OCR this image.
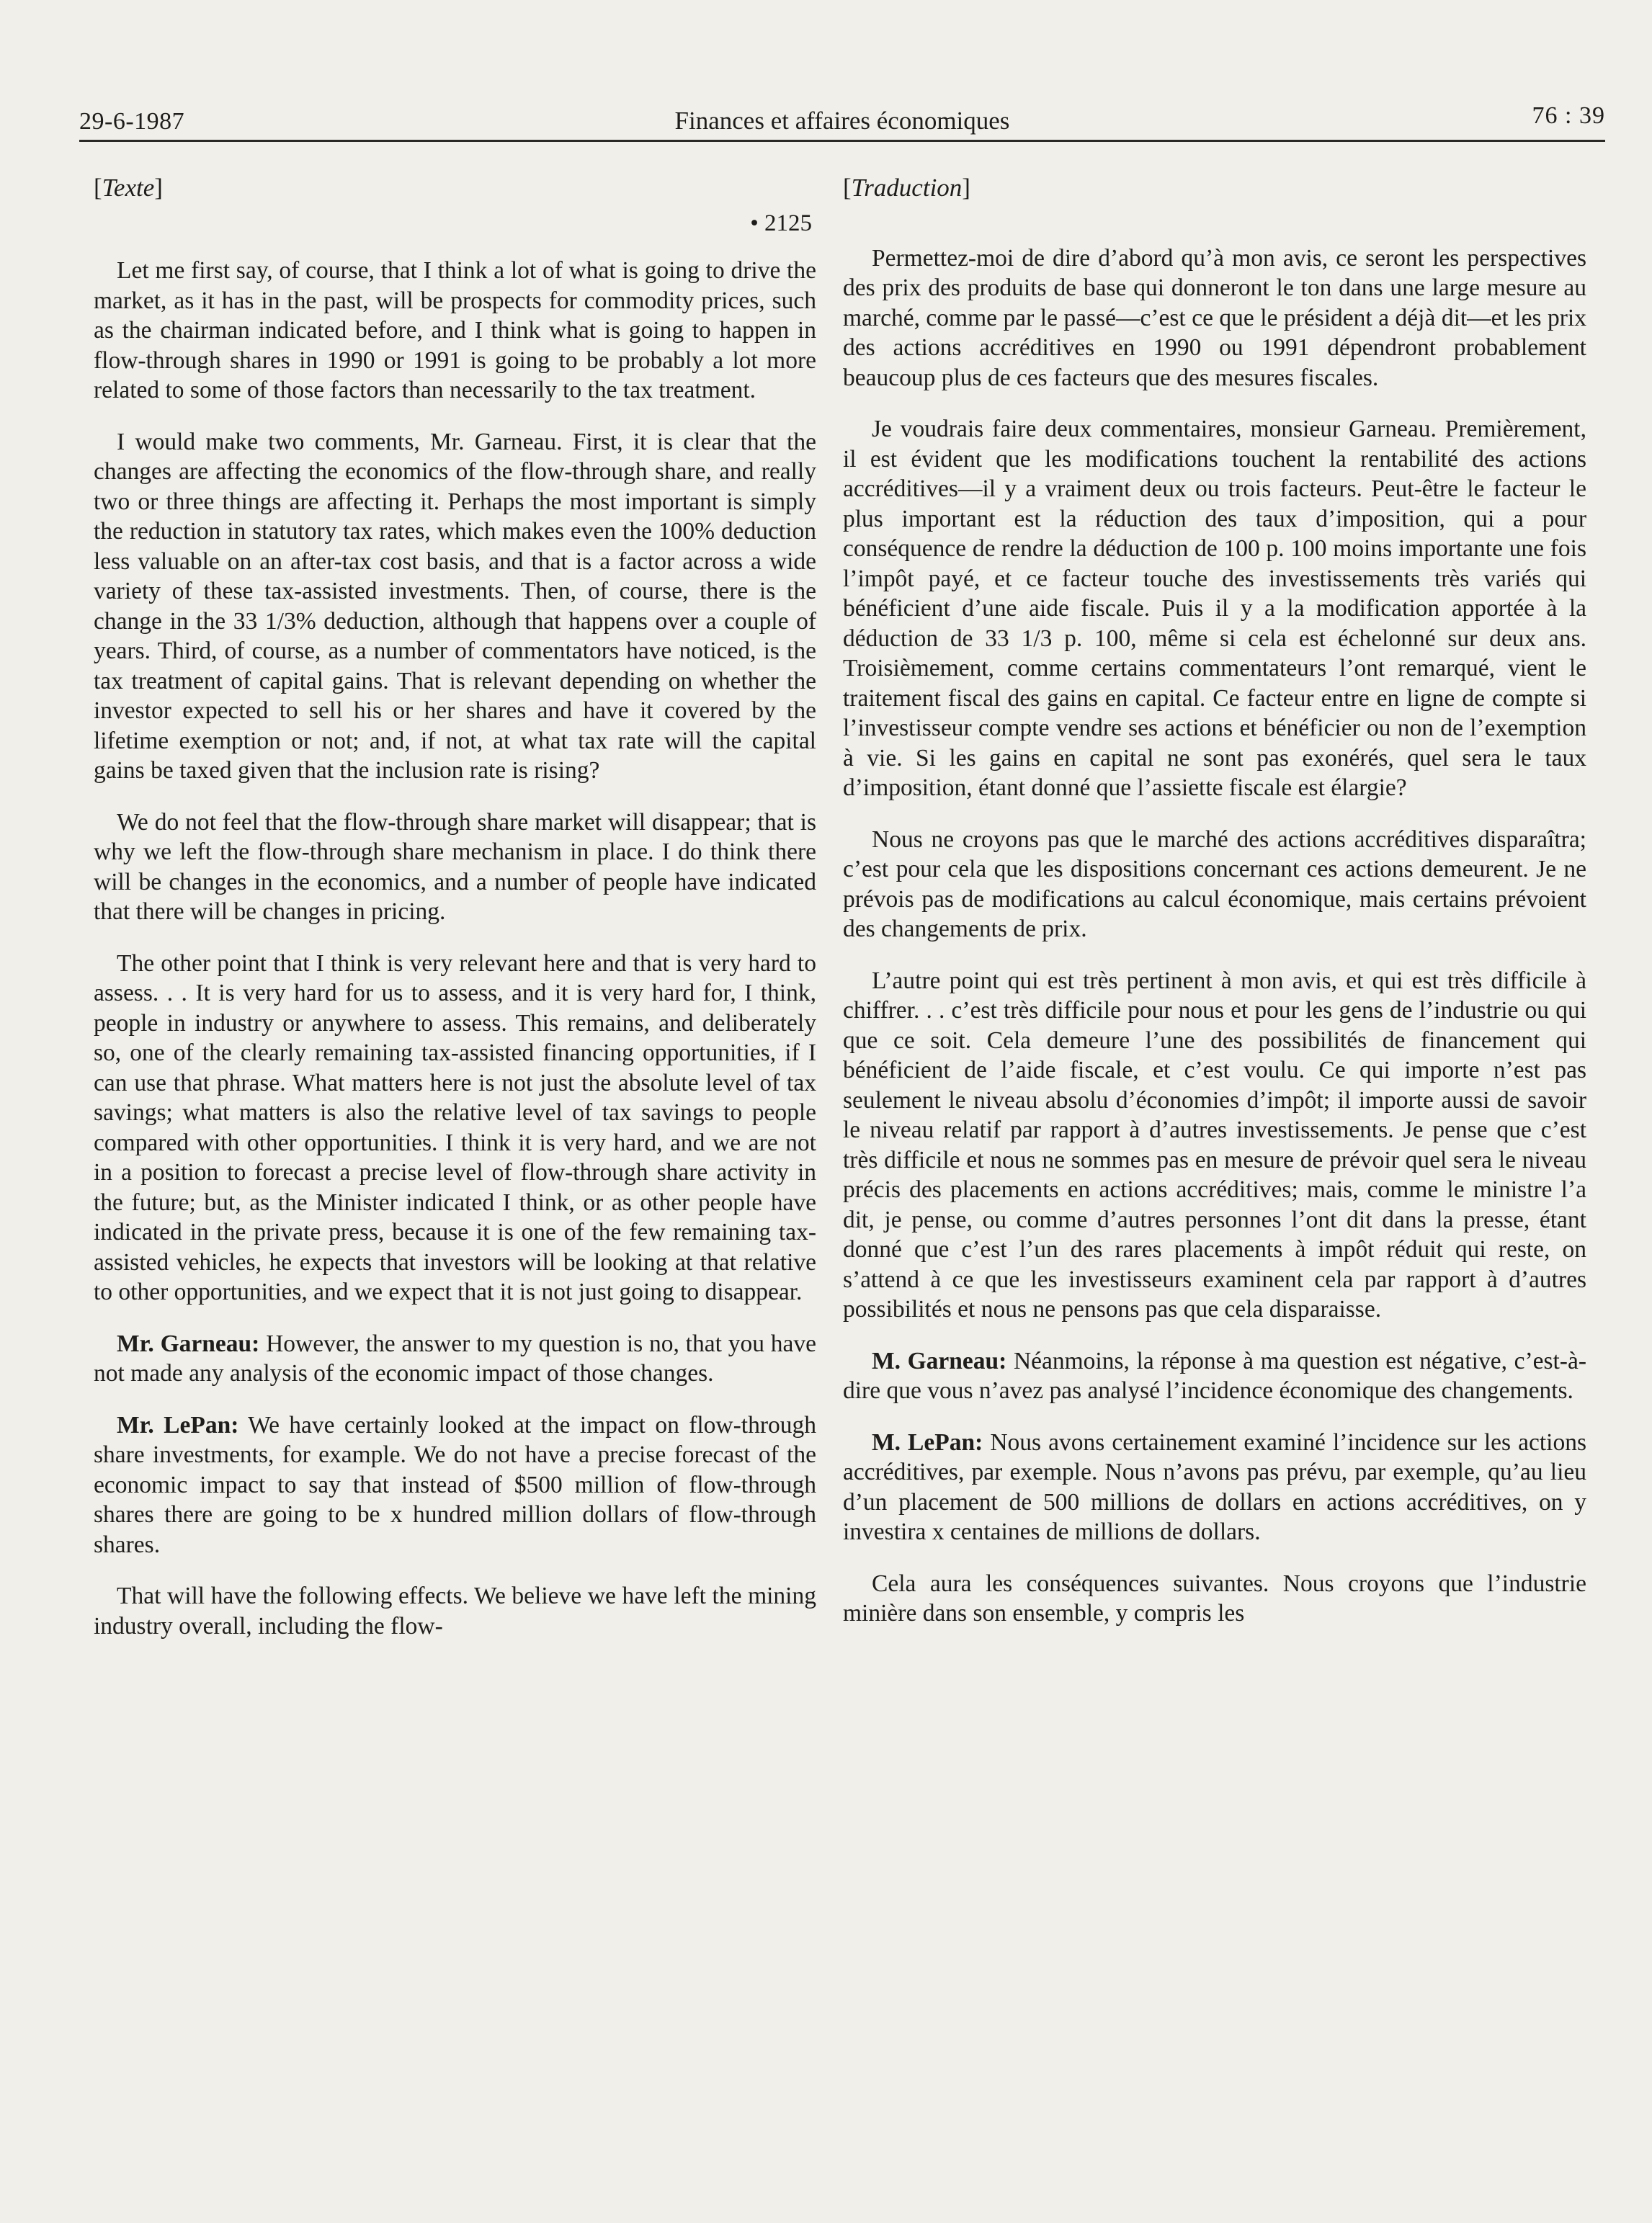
29-6-1987	Finances et affaires économiques	76 : 39
[Texte]
• 2125

Let me first say, of course, that I think a lot of what is going to drive the market, as it has in the past, will be prospects for commodity prices, such as the chairman indicated before, and I think what is going to happen in flow-through shares in 1990 or 1991 is going to be probably a lot more related to some of those factors than necessarily to the tax treatment.

I would make two comments, Mr. Garneau. First, it is clear that the changes are affecting the economics of the flow-through share, and really two or three things are affecting it. Perhaps the most important is simply the reduction in statutory tax rates, which makes even the 100% deduction less valuable on an after-tax cost basis, and that is a factor across a wide variety of these tax-assisted investments. Then, of course, there is the change in the 33 1/3% deduction, although that happens over a couple of years. Third, of course, as a number of commentators have noticed, is the tax treatment of capital gains. That is relevant depending on whether the investor expected to sell his or her shares and have it covered by the lifetime exemption or not; and, if not, at what tax rate will the capital gains be taxed given that the inclusion rate is rising?

We do not feel that the flow-through share market will disappear; that is why we left the flow-through share mechanism in place. I do think there will be changes in the economics, and a number of people have indicated that there will be changes in pricing.

The other point that I think is very relevant here and that is very hard to assess. . . It is very hard for us to assess, and it is very hard for, I think, people in industry or anywhere to assess. This remains, and deliberately so, one of the clearly remaining tax-assisted financing opportunities, if I can use that phrase. What matters here is not just the absolute level of tax savings; what matters is also the relative level of tax savings to people compared with other opportunities. I think it is very hard, and we are not in a position to forecast a precise level of flow-through share activity in the future; but, as the Minister indicated I think, or as other people have indicated in the private press, because it is one of the few remaining tax-assisted vehicles, he expects that investors will be looking at that relative to other opportunities, and we expect that it is not just going to disappear.

Mr. Garneau: However, the answer to my question is no, that you have not made any analysis of the economic impact of those changes.

Mr. LePan: We have certainly looked at the impact on flow-through share investments, for example. We do not have a precise forecast of the economic impact to say that instead of $500 million of flow-through shares there are going to be x hundred million dollars of flow-through shares.

That will have the following effects. We believe we have left the mining industry overall, including the flow-

[Traduction]

Permettez-moi de dire d’abord qu’à mon avis, ce seront les perspectives des prix des produits de base qui donneront le ton dans une large mesure au marché, comme par le passé—c’est ce que le président a déjà dit—et les prix des actions accréditives en 1990 ou 1991 dépendront probablement beaucoup plus de ces facteurs que des mesures fiscales.

Je voudrais faire deux commentaires, monsieur Garneau. Premièrement, il est évident que les modifications touchent la rentabilité des actions accréditives—il y a vraiment deux ou trois facteurs. Peut-être le facteur le plus important est la réduction des taux d’imposition, qui a pour conséquence de rendre la déduction de 100 p. 100 moins importante une fois l’impôt payé, et ce facteur touche des investissements très variés qui bénéficient d’une aide fiscale. Puis il y a la modification apportée à la déduction de 33 1/3 p. 100, même si cela est échelonné sur deux ans. Troisièmement, comme certains commentateurs l’ont remarqué, vient le traitement fiscal des gains en capital. Ce facteur entre en ligne de compte si l’investisseur compte vendre ses actions et bénéficier ou non de l’exemption à vie. Si les gains en capital ne sont pas exonérés, quel sera le taux d’imposition, étant donné que l’assiette fiscale est élargie?

Nous ne croyons pas que le marché des actions accréditives disparaîtra; c’est pour cela que les dispositions concernant ces actions demeurent. Je ne prévois pas de modifications au calcul économique, mais certains prévoient des changements de prix.

L’autre point qui est très pertinent à mon avis, et qui est très difficile à chiffrer. . . c’est très difficile pour nous et pour les gens de l’industrie ou qui que ce soit. Cela demeure l’une des possibilités de financement qui bénéficient de l’aide fiscale, et c’est voulu. Ce qui importe n’est pas seulement le niveau absolu d’économies d’impôt; il importe aussi de savoir le niveau relatif par rapport à d’autres investissements. Je pense que c’est très difficile et nous ne sommes pas en mesure de prévoir quel sera le niveau précis des placements en actions accréditives; mais, comme le ministre l’a dit, je pense, ou comme d’autres personnes l’ont dit dans la presse, étant donné que c’est l’un des rares placements à impôt réduit qui reste, on s’attend à ce que les investisseurs examinent cela par rapport à d’autres possibilités et nous ne pensons pas que cela disparaisse.

M. Garneau: Néanmoins, la réponse à ma question est négative, c’est-à-dire que vous n’avez pas analysé l’incidence économique des changements.

M. LePan: Nous avons certainement examiné l’incidence sur les actions accréditives, par exemple. Nous n’avons pas prévu, par exemple, qu’au lieu d’un placement de 500 millions de dollars en actions accréditives, on y investira x centaines de millions de dollars.

Cela aura les conséquences suivantes. Nous croyons que l’industrie minière dans son ensemble, y compris les
